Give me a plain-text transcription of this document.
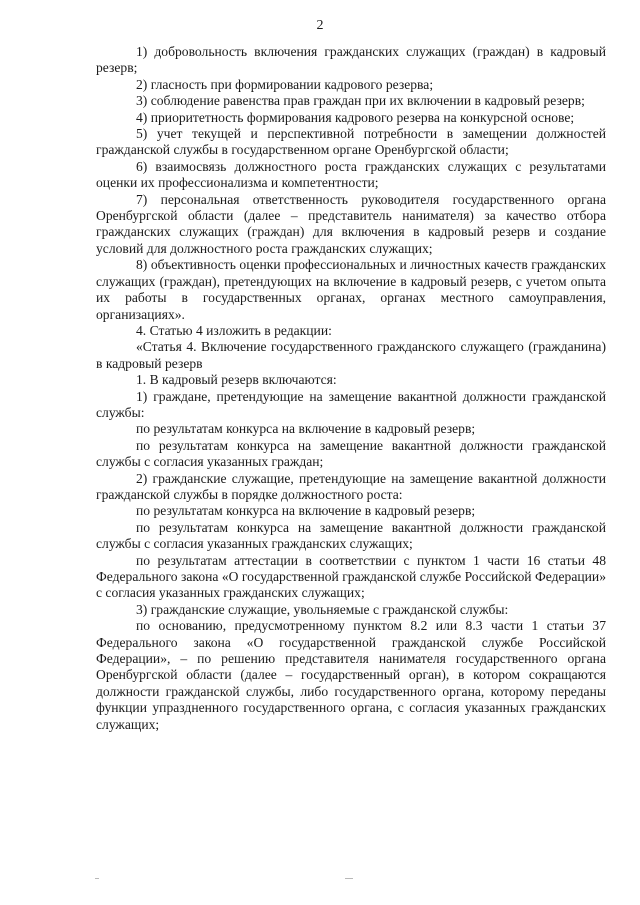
2

1) добровольность включения гражданских служащих (граждан) в кадровый резерв;

2) гласность при формировании кадрового резерва;

3) соблюдение равенства прав граждан при их включении в кадровый резерв;

4) приоритетность формирования кадрового резерва на конкурсной основе;

5) учет текущей и перспективной потребности в замещении должностей гражданской службы в государственном органе Оренбургской области;

6) взаимосвязь должностного роста гражданских служащих с результатами оценки их профессионализма и компетентности;

7) персональная ответственность руководителя государственного органа Оренбургской области (далее – представитель нанимателя) за качество отбора гражданских служащих (граждан) для включения в кадровый резерв и создание условий для должностного роста гражданских служащих;

8) объективность оценки профессиональных и личностных качеств гражданских служащих (граждан), претендующих на включение в кадровый резерв, с учетом опыта их работы в государственных органах, органах местного самоуправления, организациях».

4. Статью 4 изложить в редакции:

«Статья 4. Включение государственного гражданского служащего (гражданина) в кадровый резерв

1. В кадровый резерв включаются:

1) граждане, претендующие на замещение вакантной должности гражданской службы:

по результатам конкурса на включение в кадровый резерв;

по результатам конкурса на замещение вакантной должности гражданской службы с согласия указанных граждан;

2) гражданские служащие, претендующие на замещение вакантной должности гражданской службы в порядке должностного роста:

по результатам конкурса на включение в кадровый резерв;

по результатам конкурса на замещение вакантной должности гражданской службы с согласия указанных гражданских служащих;

по результатам аттестации в соответствии с пунктом 1 части 16 статьи 48 Федерального закона «О государственной гражданской службе Российской Федерации» с согласия указанных гражданских служащих;

3) гражданские служащие, увольняемые с гражданской службы:

по основанию, предусмотренному пунктом 8.2 или 8.3 части 1 статьи 37 Федерального закона «О государственной гражданской службе Российской Федерации», – по решению представителя нанимателя государственного органа Оренбургской области (далее – государственный орган), в котором сокращаются должности гражданской службы, либо государственного органа, которому переданы функции упраздненного государственного органа, с согласия указанных гражданских служащих;
